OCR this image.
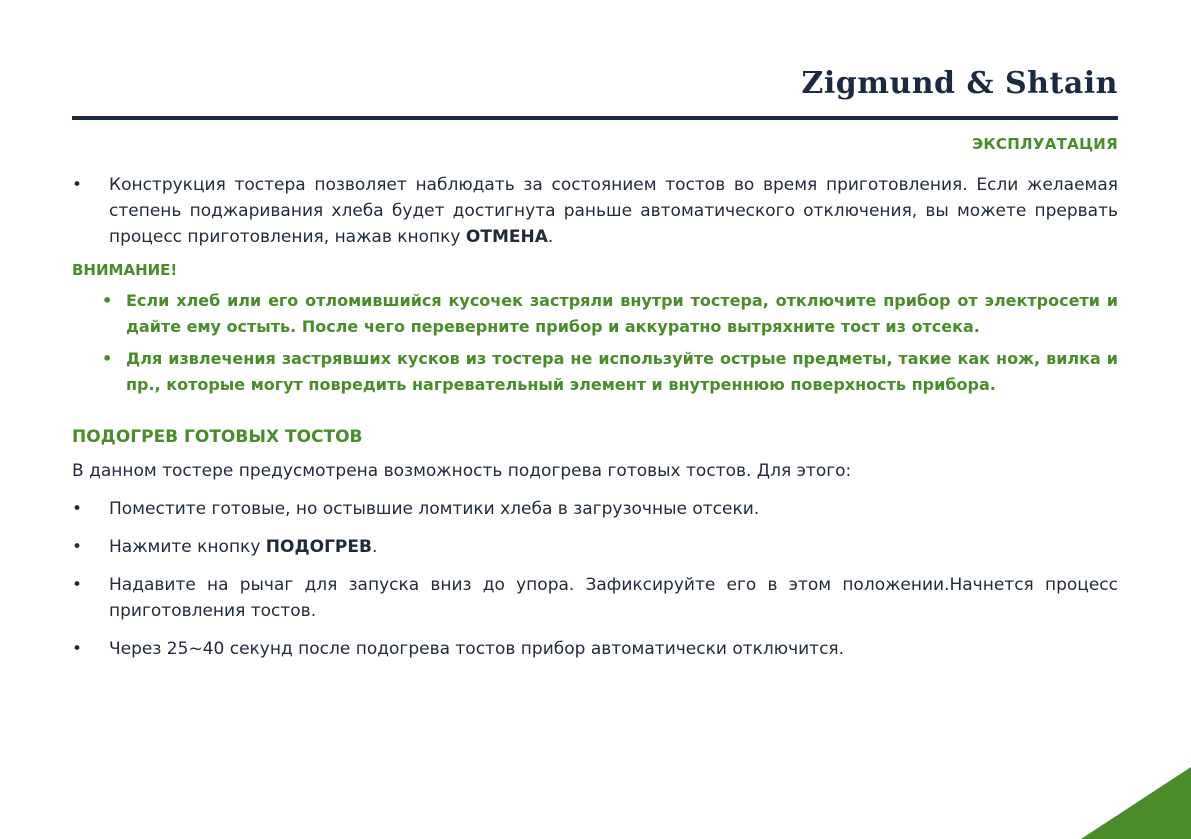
Zigmund & Shtain
ЭКСПЛУАТАЦИЯ
• Конструкция тостера позволяет наблюдать за состоянием тостов во время приготовления. Если желаемая степень поджаривания хлеба будет достигнута раньше автоматического отключения, вы можете прервать процесс приготовления, нажав кнопку ОТМЕНА.
ВНИМАНИЕ!
• Если хлеб или его отломившийся кусочек застряли внутри тостера, отключите прибор от электросети и дайте ему остыть. После чего переверните прибор и аккуратно вытряхните тост из отсека.
• Для извлечения застрявших кусков из тостера не используйте острые предметы, такие как нож, вилка и пр., которые могут повредить нагревательный элемент и внутреннюю поверхность прибора.
ПОДОГРЕВ ГОТОВЫХ ТОСТОВ
В данном тостере предусмотрена возможность подогрева готовых тостов. Для этого:
• Поместите готовые, но остывшие ломтики хлеба в загрузочные отсеки.
• Нажмите кнопку ПОДОГРЕВ.
• Надавите на рычаг для запуска вниз до упора. Зафиксируйте его в этом положении.Начнется процесс приготовления тостов.
• Через 25~40 секунд после подогрева тостов прибор автоматически отключится.
